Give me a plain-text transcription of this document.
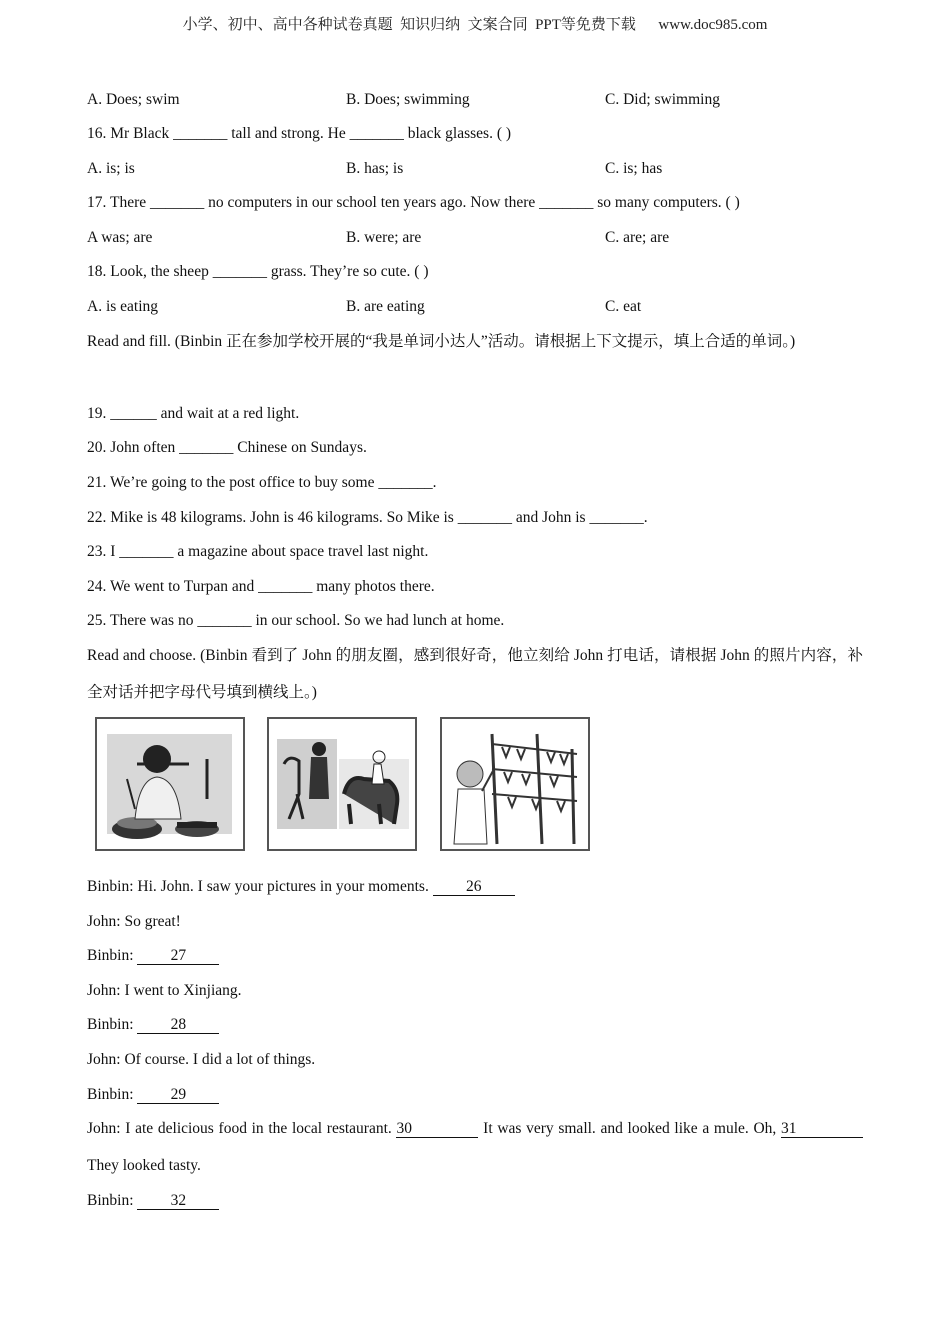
小学、初中、高中各种试卷真题  知识归纳  文案合同  PPT等免费下载      www.doc985.com
A. Does; swim	B. Does; swimming	C. Did; swimming
16. Mr Black _______ tall and strong. He _______ black glasses. ( )
A. is; is	B. has; is	C. is; has
17. There _______ no computers in our school ten years ago. Now there _______ so many computers. ( )
A was; are	B. were; are	C. are; are
18. Look, the sheep _______ grass. They’re so cute. ( )
A. is eating	B. are eating	C. eat
Read and fill. (Binbin 正在参加学校开展的“我是单词小达人”活动。请根据上下文提示，填上合适的单词。)
19. ______ and wait at a red light.
20. John often _______ Chinese on Sundays.
21. We’re going to the post office to buy some _______.
22. Mike is 48 kilograms. John is 46 kilograms. So Mike is _______ and John is _______.
23. I _______ a magazine about space travel last night.
24. We went to Turpan and _______ many photos there.
25. There was no _______ in our school. So we had lunch at home.
Read and choose. (Binbin 看到了 John 的朋友圈，感到很好奇，他立刻给 John 打电话，请根据 John 的照片内容，补全对话并把字母代号填到横线上。)
Binbin: Hi. John. I saw your pictures in your moments. 26
John: So great!
Binbin: 27
John: I went to Xinjiang.
Binbin: 28
John: Of course. I did a lot of things.
Binbin: 29
John: I ate delicious food in the local restaurant. 30	It was very small. and looked like a mule. Oh, 31 They looked tasty.
Binbin: 32
